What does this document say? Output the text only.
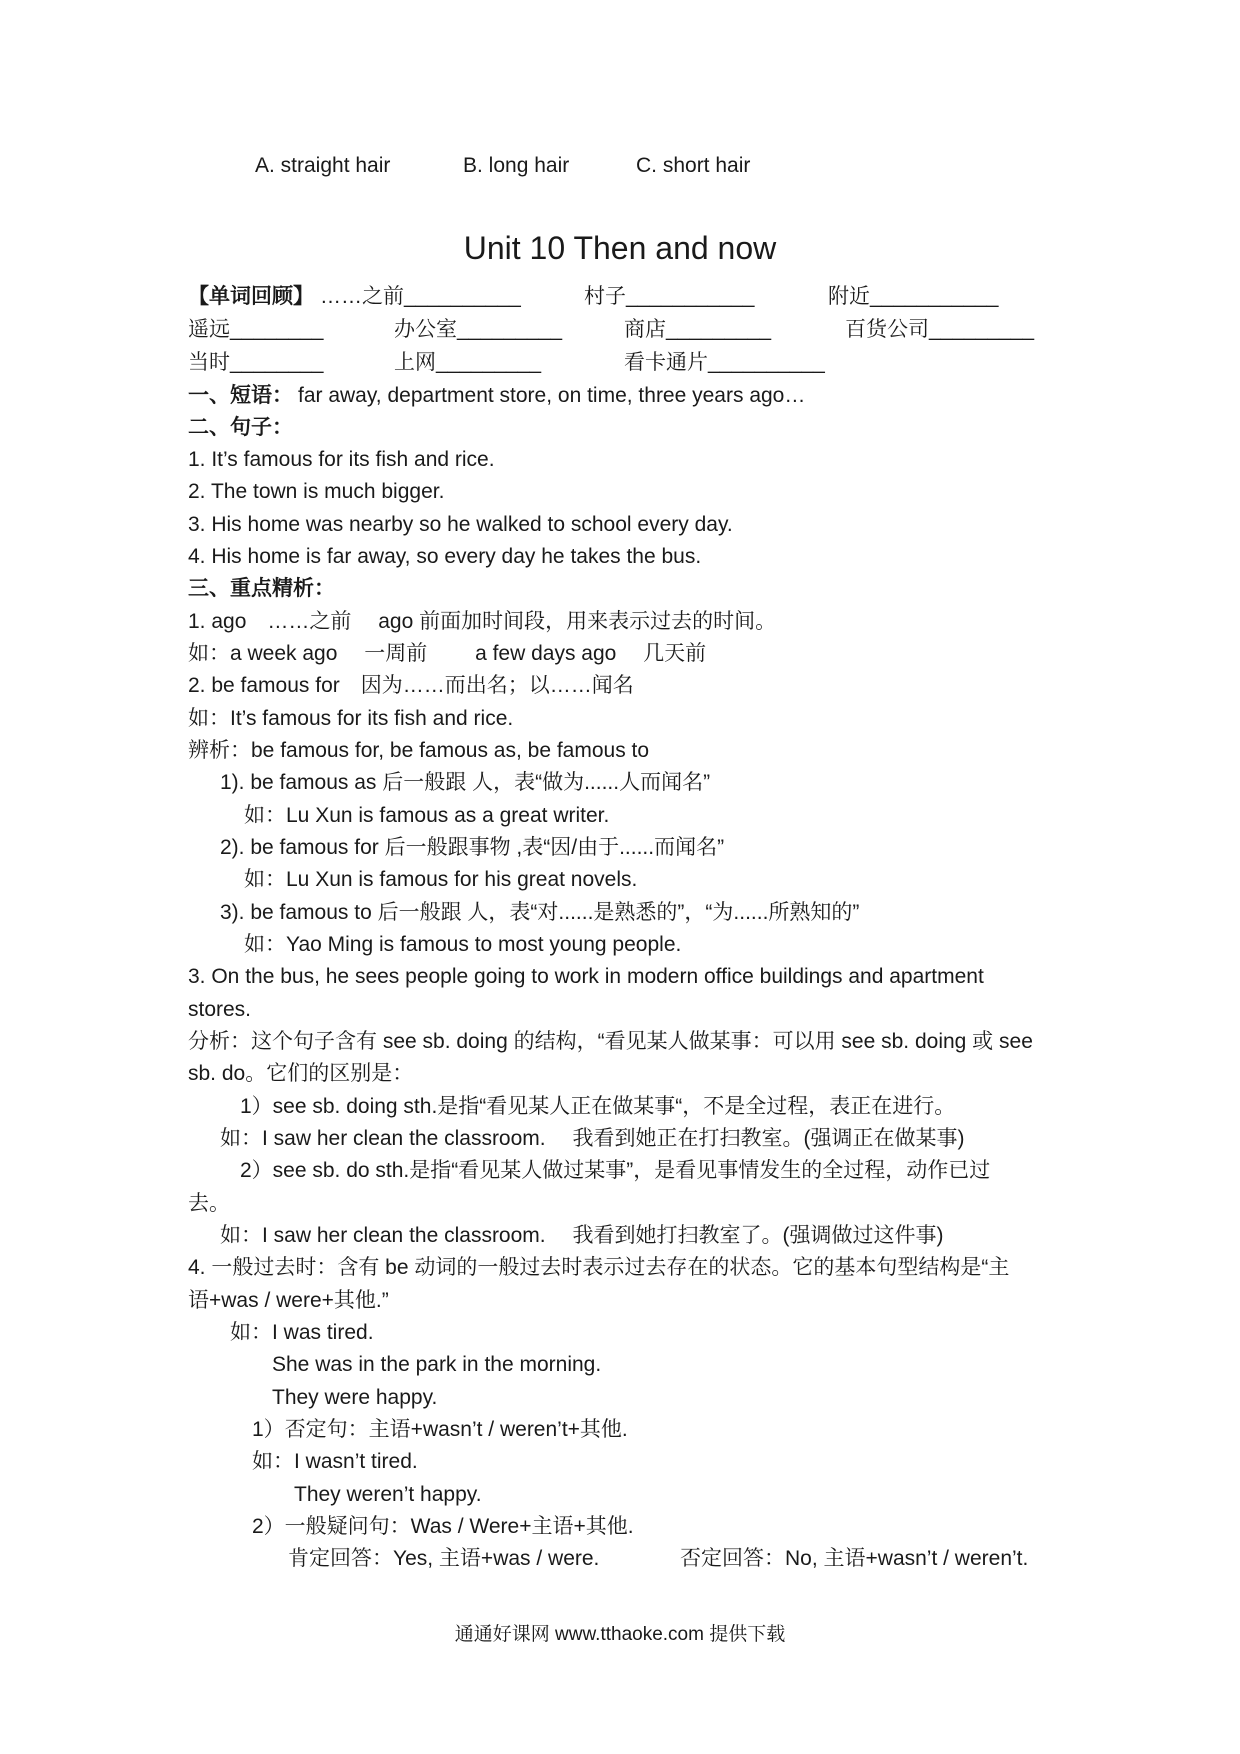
A. straight hair	B. long hair	C. short hair
Unit 10 Then and now
【单词回顾】 ……之前__________	村子___________	附近___________
遥远________	办公室_________	商店_________	百货公司_________
当时________	上网_________	看卡通片__________
一、短语： far away, department store, on time, three years ago…
二、句子：
1. It’s famous for its fish and rice.
2. The town is much bigger.
3. His home was nearby so he walked to school every day.
4. His home is far away, so every day he takes the bus.
三、重点精析：
1. ago　……之前　 ago 前面加时间段，用来表示过去的时间。
如：a week ago　 一周前　　 a few days ago　 几天前
2. be famous for　因为……而出名；以……闻名
如：It’s famous for its fish and rice.
辨析：be famous for, be famous as, be famous to
1). be famous as 后一般跟 人，表“做为......人而闻名”
如：Lu Xun is famous as a great writer.
2). be famous for 后一般跟事物 ,表“因/由于......而闻名”
如：Lu Xun is famous for his great novels.
3). be famous to 后一般跟 人，表“对......是熟悉的”，“为......所熟知的”
如：Yao Ming is famous to most young people.
3. On the bus, he sees people going to work in modern office buildings and apartment
stores.
分析：这个句子含有 see sb. doing 的结构，“看见某人做某事：可以用 see sb. doing 或 see
sb. do。它们的区别是：
1）see sb. doing sth.是指“看见某人正在做某事“，不是全过程，表正在进行。
如：I saw her clean the classroom.　 我看到她正在打扫教室。(强调正在做某事)
2）see sb. do sth.是指“看见某人做过某事”，是看见事情发生的全过程，动作已过
去。
如：I saw her clean the classroom.　 我看到她打扫教室了。(强调做过这件事)
4. 一般过去时：含有 be 动词的一般过去时表示过去存在的状态。它的基本句型结构是“主
语+was / were+其他.”
如：I was tired.
She was in the park in the morning.
They were happy.
1）否定句：主语+wasn’t / weren’t+其他.
如：I wasn’t tired.
They weren’t happy.
2）一般疑问句：Was / Were+主语+其他.
肯定回答：Yes, 主语+was / were.	否定回答：No, 主语+wasn’t / weren’t.
通通好课网 www.tthaoke.com 提供下载
